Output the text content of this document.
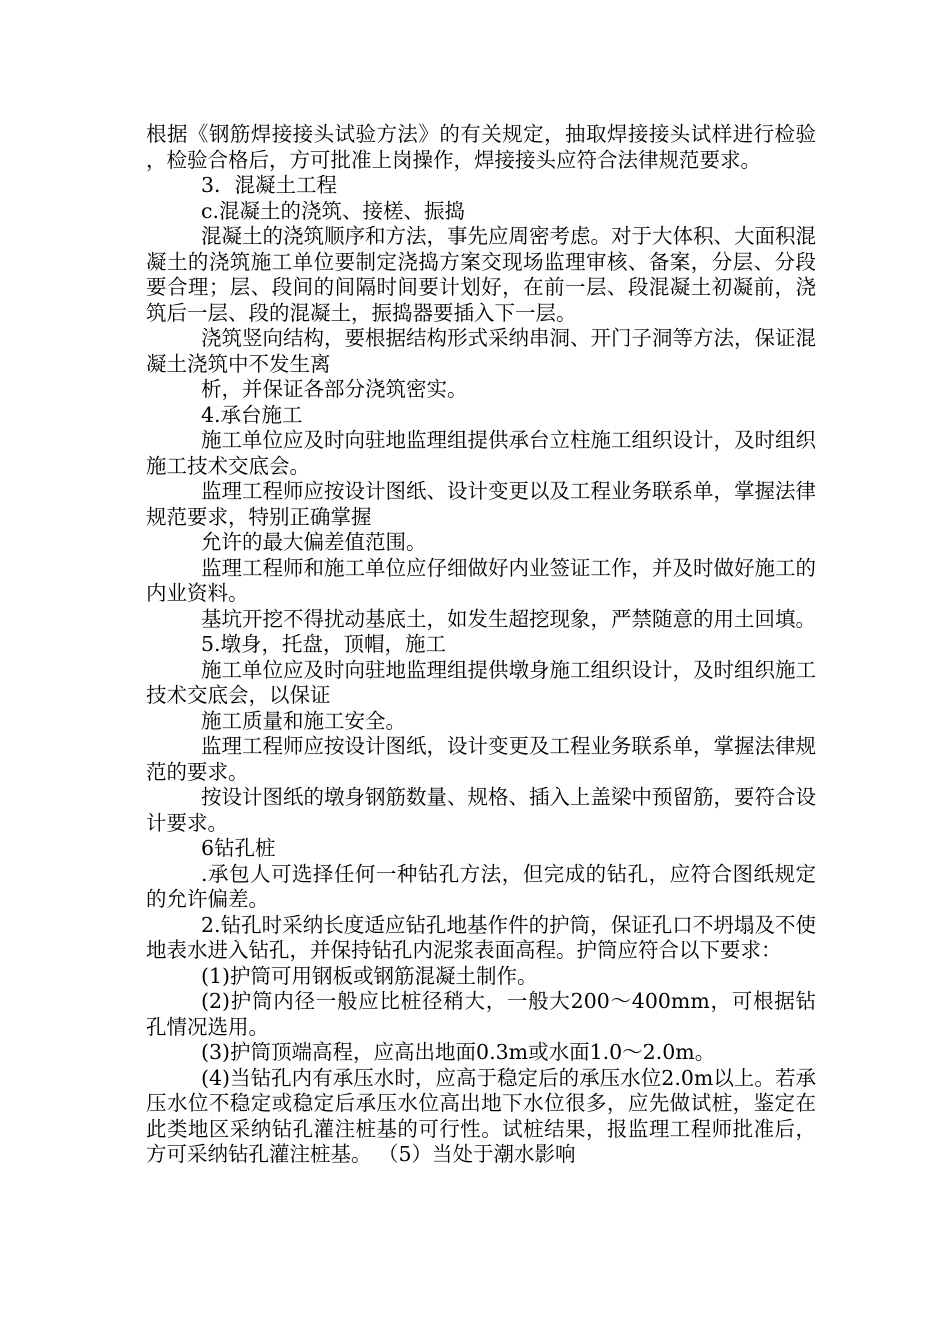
根据《钢筋焊接接头试验方法》的有关规定，抽取焊接接头试样进行检验，检验合格后，方可批准上岗操作，焊接接头应符合法律规范要求。

3．混凝土工程

c.混凝土的浇筑、接槎、振捣

混凝土的浇筑顺序和方法，事先应周密考虑。对于大体积、大面积混凝土的浇筑施工单位要制定浇捣方案交现场监理审核、备案，分层、分段要合理；层、段间的间隔时间要计划好，在前一层、段混凝土初凝前，浇筑后一层、段的混凝土，振捣器要插入下一层。

浇筑竖向结构，要根据结构形式采纳串洞、开门子洞等方法，保证混凝土浇筑中不发生离

析，并保证各部分浇筑密实。

4.承台施工

施工单位应及时向驻地监理组提供承台立柱施工组织设计，及时组织施工技术交底会。

监理工程师应按设计图纸、设计变更以及工程业务联系单，掌握法律规范要求，特别正确掌握

允许的最大偏差值范围。

监理工程师和施工单位应仔细做好内业签证工作，并及时做好施工的内业资料。

基坑开挖不得扰动基底土，如发生超挖现象，严禁随意的用土回填。

5.墩身，托盘，顶帽，施工

施工单位应及时向驻地监理组提供墩身施工组织设计，及时组织施工技术交底会，以保证

施工质量和施工安全。

监理工程师应按设计图纸，设计变更及工程业务联系单，掌握法律规范的要求。

按设计图纸的墩身钢筋数量、规格、插入上盖梁中预留筋，要符合设计要求。

6钻孔桩

.承包人可选择任何一种钻孔方法，但完成的钻孔，应符合图纸规定的允许偏差。

2.钻孔时采纳长度适应钻孔地基作件的护筒，保证孔口不坍塌及不使地表水进入钻孔，并保持钻孔内泥浆表面高程。护筒应符合以下要求：

(1)护筒可用钢板或钢筋混凝土制作。

(2)护筒内径一般应比桩径稍大，一般大200～400mm，可根据钻孔情况选用。

(3)护筒顶端高程，应高出地面0.3m或水面1.0～2.0m。

(4)当钻孔内有承压水时，应高于稳定后的承压水位2.0m以上。若承压水位不稳定或稳定后承压水位高出地下水位很多，应先做试桩，鉴定在此类地区采纳钻孔灌注桩基的可行性。试桩结果，报监理工程师批准后，方可采纳钻孔灌注桩基。 （5）当处于潮水影响
